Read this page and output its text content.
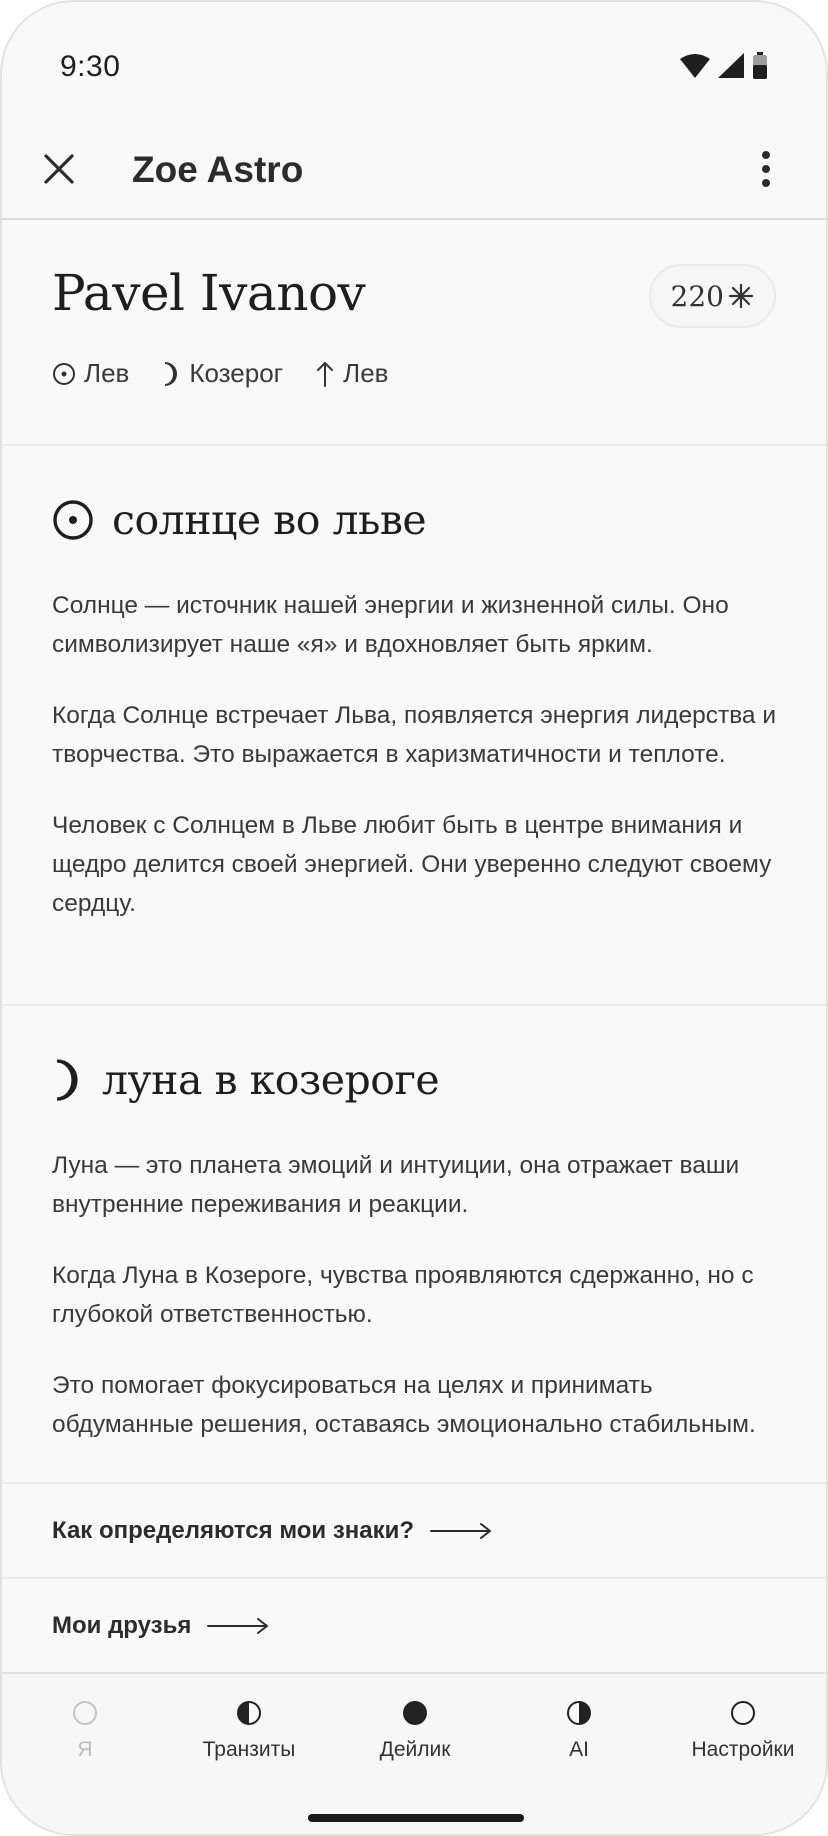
9:30
Zoe Astro
Pavel Ivanov	220
Лев Козерог Лев
солнце во льве

Солнце — источник нашей энергии и жизненной силы. Оно символизирует наше «я» и вдохновляет быть ярким.

Когда Солнце встречает Льва, появляется энергия лидерства и творчества. Это выражается в харизматичности и теплоте.

Человек с Солнцем в Льве любит быть в центре внимания и щедро делится своей энергией. Они уверенно следуют своему сердцу.

луна в козероге

Луна — это планета эмоций и интуиции, она отражает ваши внутренние переживания и реакции.

Когда Луна в Козероге, чувства проявляются сдержанно, но с глубокой ответственностью.

Это помогает фокусироваться на целях и принимать обдуманные решения, оставаясь эмоционально стабильным.

Как определяются мои знаки?
Мои друзья
Я	Транзиты	Дейлик	AI	Настройки
